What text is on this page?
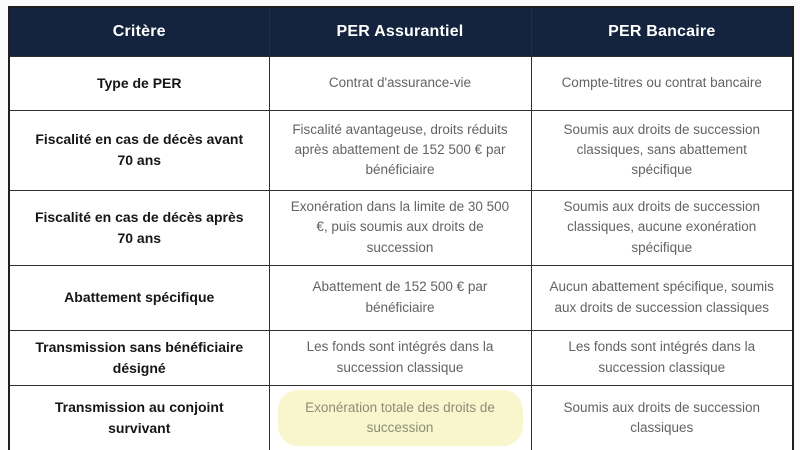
Critère	PER Assurantiel	PER Bancaire
Type de PER	Contrat d'assurance-vie	Compte-titres ou contrat bancaire
Fiscalité en cas de décès avant 70 ans	Fiscalité avantageuse, droits réduits après abattement de 152 500 € par bénéficiaire	Soumis aux droits de succession classiques, sans abattement spécifique
Fiscalité en cas de décès après 70 ans	Exonération dans la limite de 30 500 €, puis soumis aux droits de succession	Soumis aux droits de succession classiques, aucune exonération spécifique
Abattement spécifique	Abattement de 152 500 € par bénéficiaire	Aucun abattement spécifique, soumis aux droits de succession classiques
Transmission sans bénéficiaire désigné	Les fonds sont intégrés dans la succession classique	Les fonds sont intégrés dans la succession classique
Transmission au conjoint survivant	Exonération totale des droits de succession	Soumis aux droits de succession classiques
